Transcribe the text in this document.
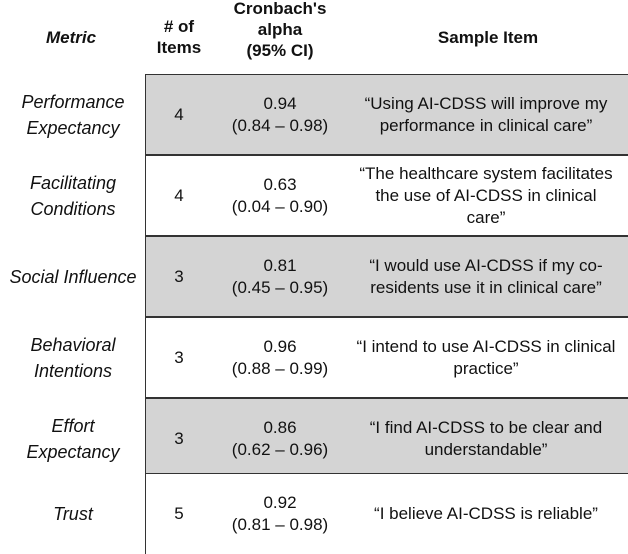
Metric
# of
Items
Cronbach's
alpha
(95% CI)
Sample Item
Performance
Expectancy
4
0.94
(0.84 – 0.98)
“Using AI-CDSS will improve my performance in clinical care”
Facilitating
Conditions
4
0.63
(0.04 – 0.90)
“The healthcare system facilitates the use of AI-CDSS in clinical care”
Social Influence	3
0.81
(0.45 – 0.95)
“I would use AI-CDSS if my co-residents use it in clinical care”
Behavioral
Intentions
3
0.96
(0.88 – 0.99)
“I intend to use AI-CDSS in clinical practice”
Effort
Expectancy
3
0.86
(0.62 – 0.96)
“I find AI-CDSS to be clear and understandable”
Trust	5
0.92
(0.81 – 0.98)
“I believe AI-CDSS is reliable”
